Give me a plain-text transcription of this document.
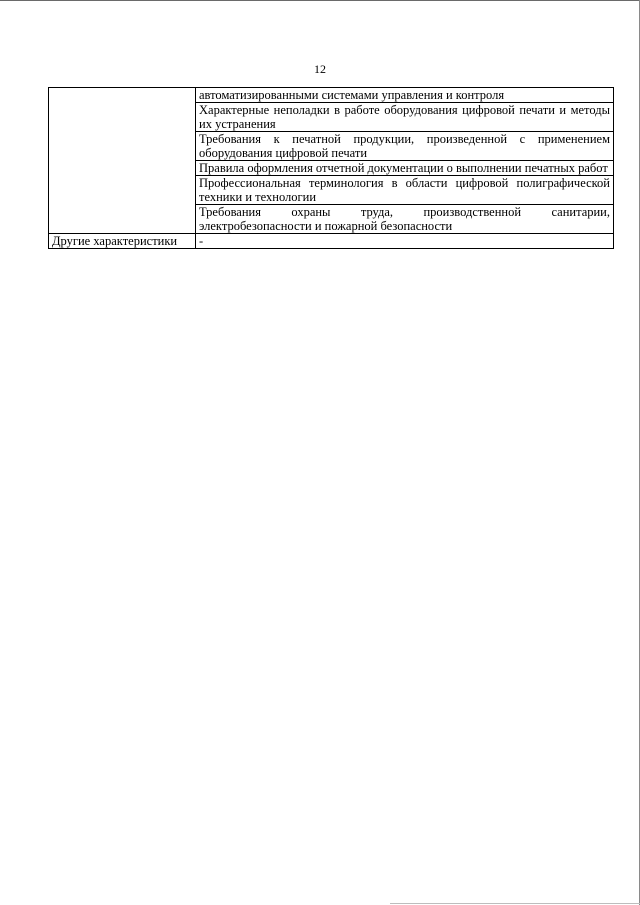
12
	автоматизированными системами управления и контроля
	Характерные неполадки в работе оборудования цифровой печати и методы их устранения
	Требования к печатной продукции, произведенной с применением оборудования цифровой печати
	Правила оформления отчетной документации о выполнении печатных работ
	Профессиональная терминология в области цифровой полиграфической техники и технологии
	Требования охраны труда, производственной санитарии, электробезопасности и пожарной безопасности
Другие характеристики	-
